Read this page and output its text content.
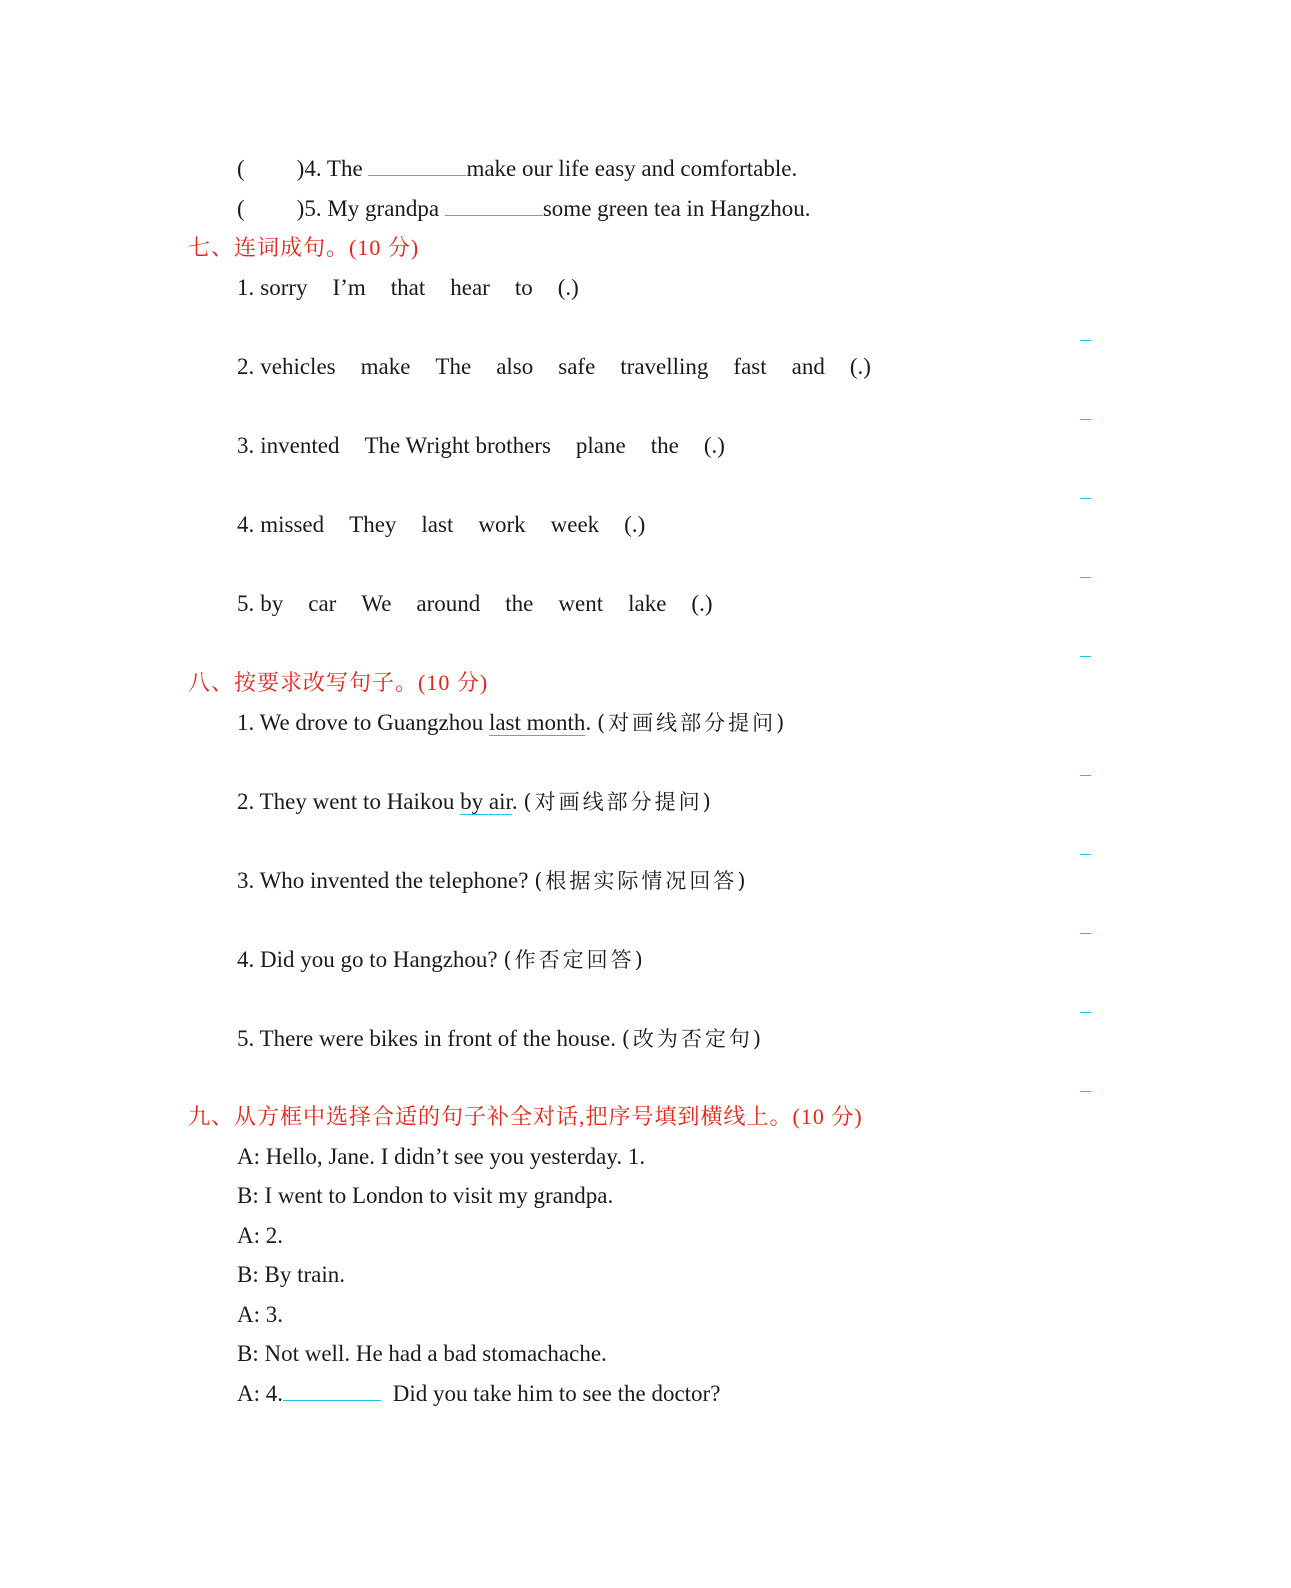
( )4. The	make our life easy and comfortable.
( )5. My grandpa	some green tea in Hangzhou.
七、连词成句。(10 分)
1. sorry I’m that hear to (.)
2. vehicles make The also safe travelling fast and (.)
3. invented The Wright brothers plane the (.)
4. missed They last work week (.)
5. by car We around the went lake (.)
八、按要求改写句子。(10 分)
1. We drove to Guangzhou last month. (对画线部分提问)
2. They went to Haikou by air. (对画线部分提问)
3. Who invented the telephone? (根据实际情况回答)
4. Did you go to Hangzhou? (作否定回答)
5. There were bikes in front of the house. (改为否定句)
九、从方框中选择合适的句子补全对话,把序号填到横线上。(10 分)
A: Hello, Jane. I didn’t see you yesterday. 1.
B: I went to London to visit my grandpa.
A: 2.
B: By train.
A: 3.
B: Not well. He had a bad stomachache.
A: 4.	Did you take him to see the doctor?
